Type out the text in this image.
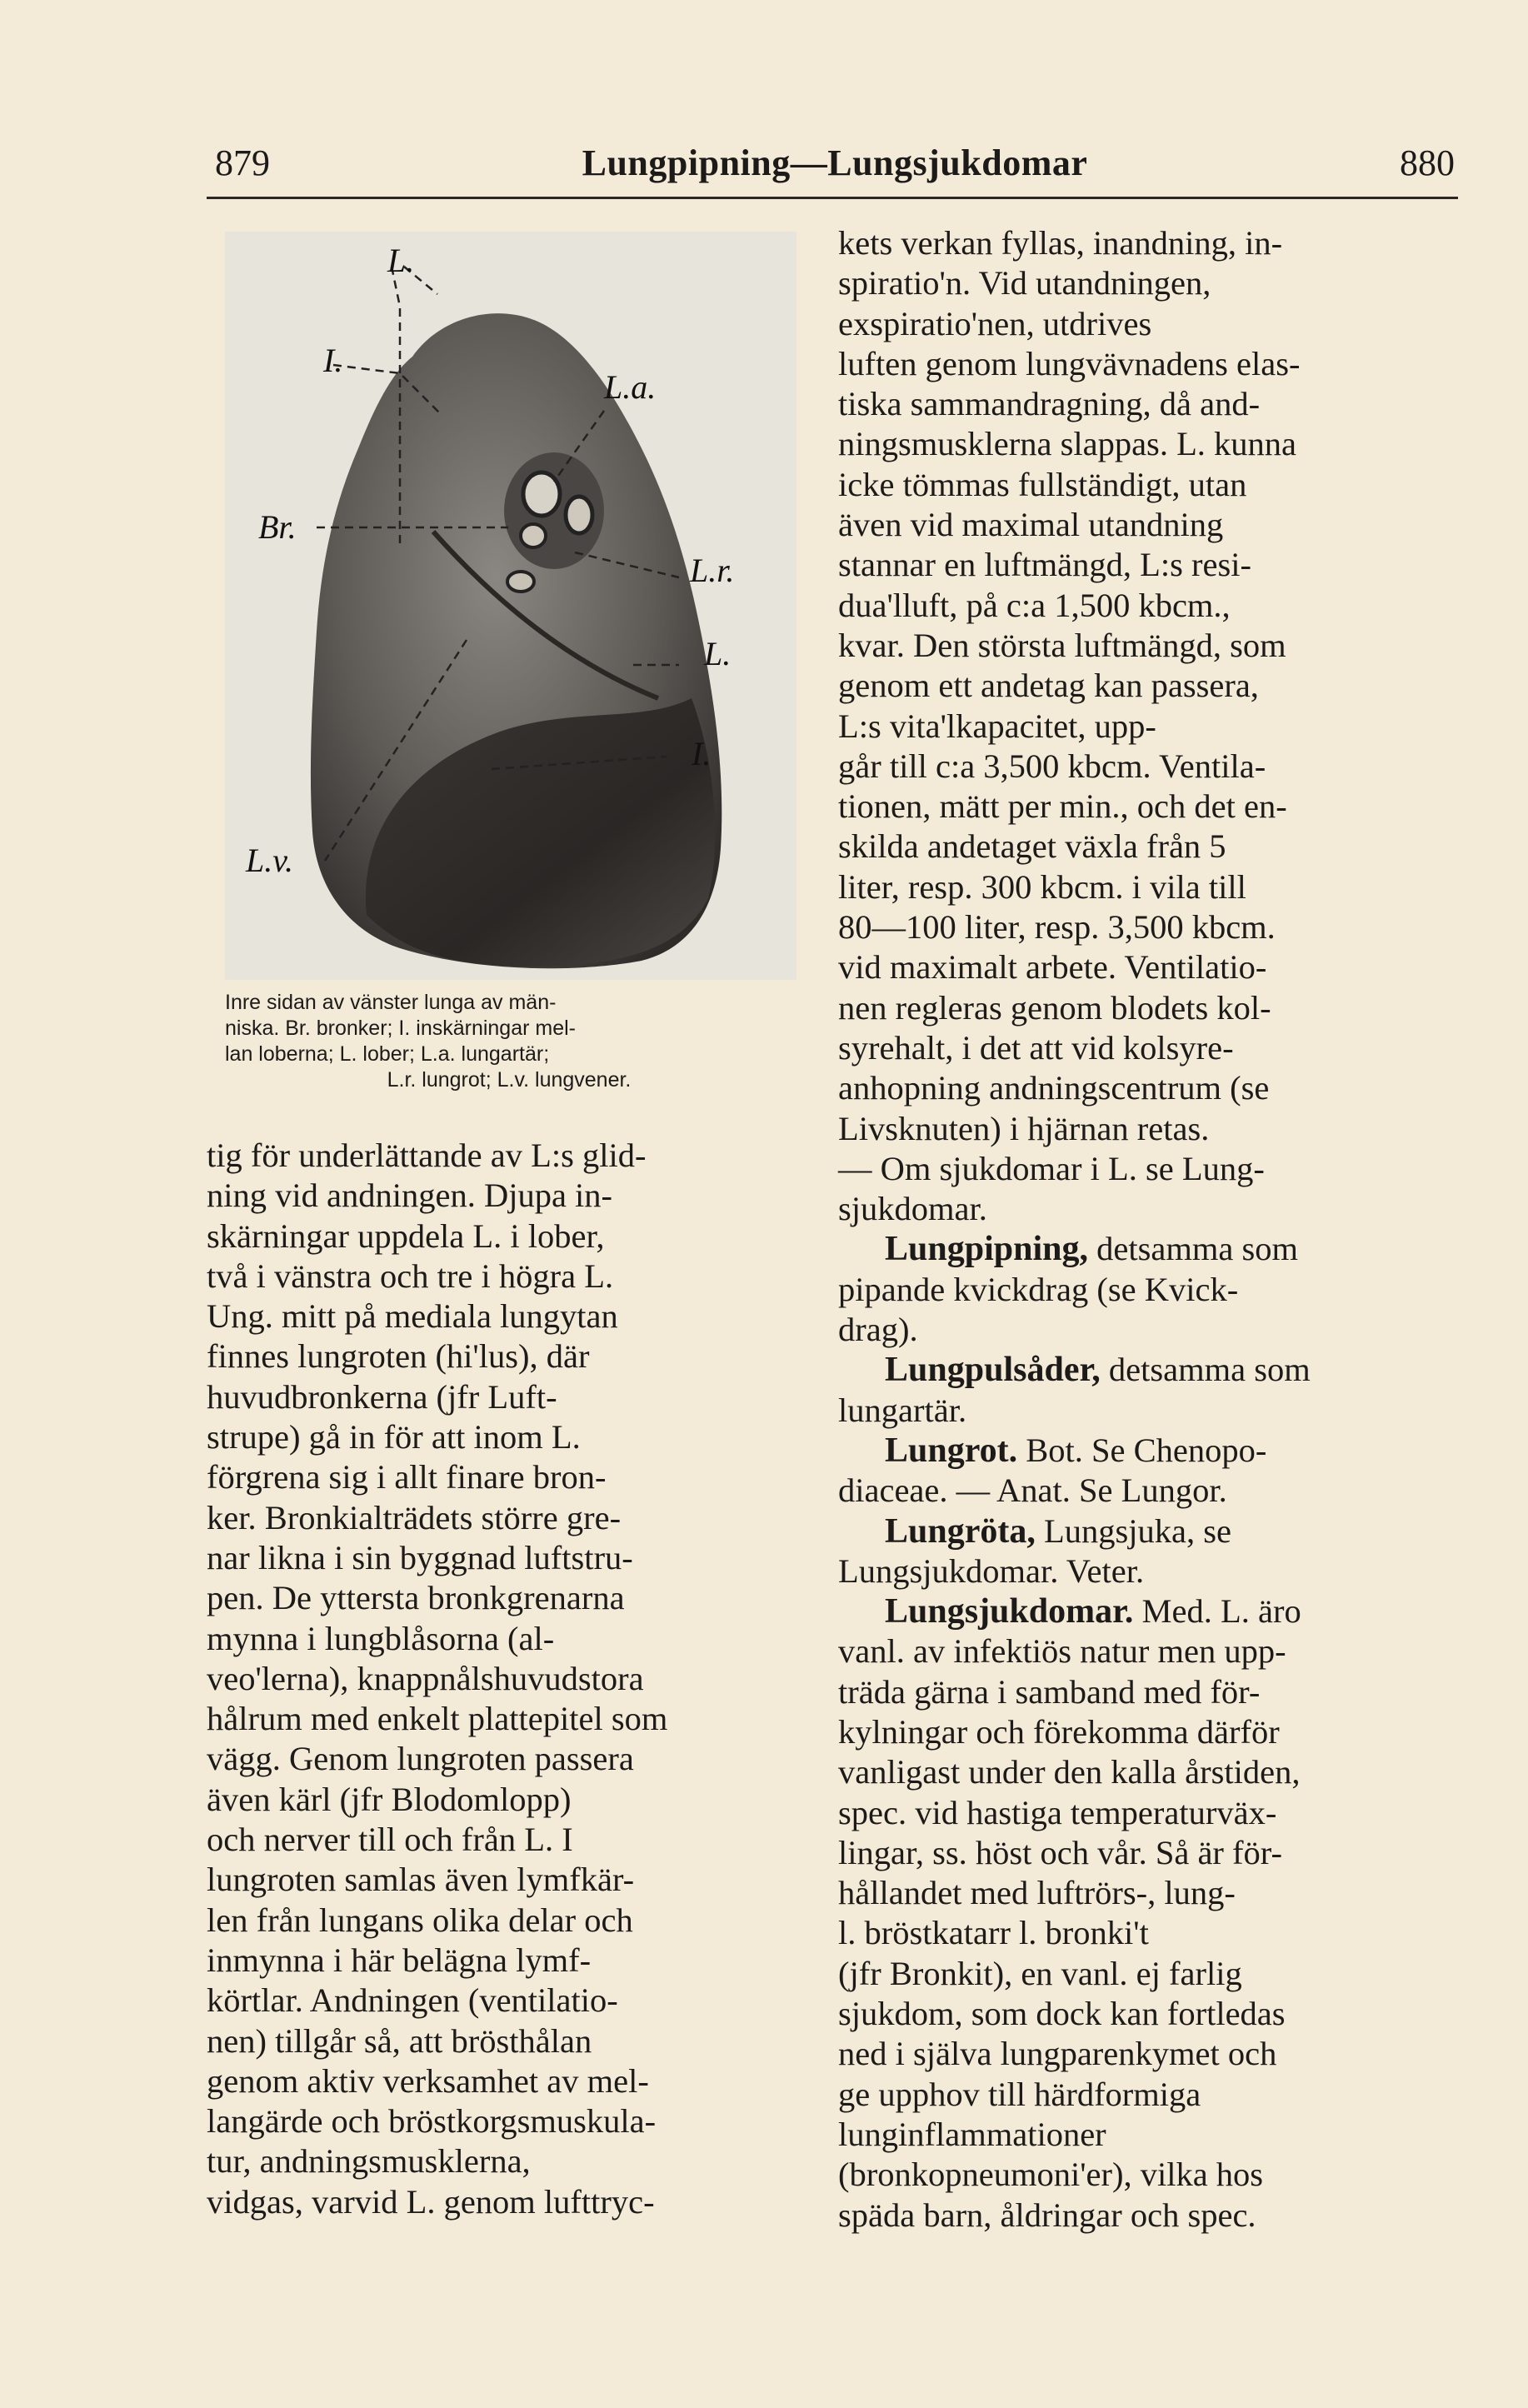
879	Lungpipning—Lungsjukdomar	880
L.
I.
Br.
L.a.
L.r.
L.
I.
L.v.
Inre sidan av vänster lunga av män-
niska. Br. bronker; I. inskärningar mel-
lan loberna; L. lober; L.a. lungartär;
L.r. lungrot; L.v. lungvener.
tig för underlättande av L:s glid-
ning vid andningen. Djupa in-
skärningar uppdela L. i lober,
två i vänstra och tre i högra L.
Ung. mitt på mediala lungytan
finnes lungroten (hi'lus), där
huvudbronkerna (jfr Luft-
strupe) gå in för att inom L.
förgrena sig i allt finare bron-
ker. Bronkialträdets större gre-
nar likna i sin byggnad luftstru-
pen. De yttersta bronkgrenarna
mynna i lungblåsorna (al-
veo'lerna), knappnålshuvudstora
hålrum med enkelt plattepitel som
vägg. Genom lungroten passera
även kärl (jfr Blodomlopp)
och nerver till och från L. I
lungroten samlas även lymfkär-
len från lungans olika delar och
inmynna i här belägna lymf-
körtlar. Andningen (ventilatio-
nen) tillgår så, att brösthålan
genom aktiv verksamhet av mel-
langärde och bröstkorgsmuskula-
tur, andningsmusklerna,
vidgas, varvid L. genom lufttryc-
kets verkan fyllas, inandning, in-
spiratio'n. Vid utandningen,
exspiratio'nen, utdrives
luften genom lungvävnadens elas-
tiska sammandragning, då and-
ningsmusklerna slappas. L. kunna
icke tömmas fullständigt, utan
även vid maximal utandning
stannar en luftmängd, L:s resi-
dua'lluft, på c:a 1,500 kbcm.,
kvar. Den största luftmängd, som
genom ett andetag kan passera,
L:s vita'lkapacitet, upp-
går till c:a 3,500 kbcm. Ventila-
tionen, mätt per min., och det en-
skilda andetaget växla från 5
liter, resp. 300 kbcm. i vila till
80—100 liter, resp. 3,500 kbcm.
vid maximalt arbete. Ventilatio-
nen regleras genom blodets kol-
syrehalt, i det att vid kolsyre-
anhopning andningscentrum (se
Livsknuten) i hjärnan retas.
— Om sjukdomar i L. se Lung-
sjukdomar.
Lungpipning, detsamma som
pipande kvickdrag (se Kvick-
drag).
Lungpulsåder, detsamma som
lungartär.
Lungrot. Bot. Se Chenopo-
diaceae. — Anat. Se Lungor.
Lungröta, Lungsjuka, se
Lungsjukdomar. Veter.
Lungsjukdomar. Med. L. äro
vanl. av infektiös natur men upp-
träda gärna i samband med för-
kylningar och förekomma därför
vanligast under den kalla årstiden,
spec. vid hastiga temperaturväx-
lingar, ss. höst och vår. Så är för-
hållandet med luftrörs-, lung-
l. bröstkatarr l. bronki't
(jfr Bronkit), en vanl. ej farlig
sjukdom, som dock kan fortledas
ned i själva lungparenkymet och
ge upphov till härdformiga
lunginflammationer
(bronkopneumoni'er), vilka hos
späda barn, åldringar och spec.
